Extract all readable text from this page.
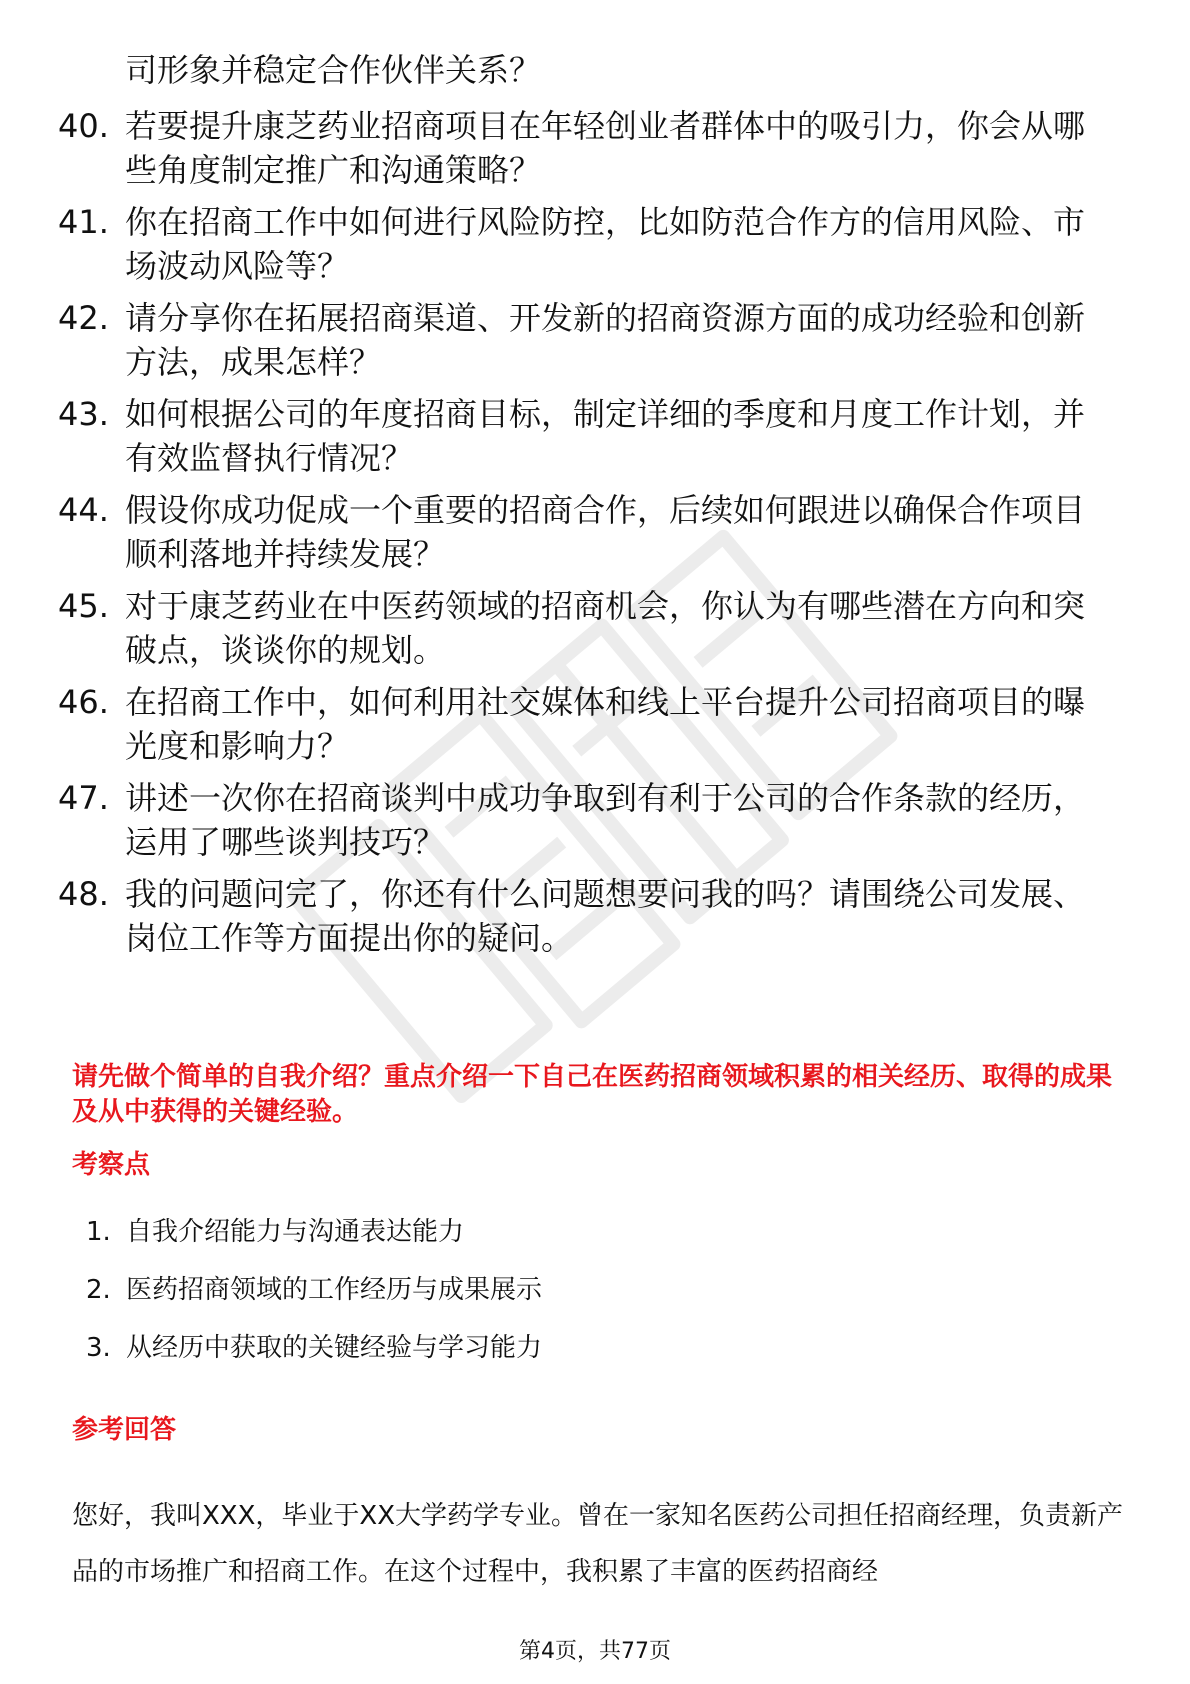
司形象并稳定合作伙伴关系？
40. 若要提升康芝药业招商项目在年轻创业者群体中的吸引力，你会从哪些角度制定推广和沟通策略？
41. 你在招商工作中如何进行风险防控，比如防范合作方的信用风险、市场波动风险等？
42. 请分享你在拓展招商渠道、开发新的招商资源方面的成功经验和创新方法，成果怎样？
43. 如何根据公司的年度招商目标，制定详细的季度和月度工作计划，并有效监督执行情况？
44. 假设你成功促成一个重要的招商合作，后续如何跟进以确保合作项目顺利落地并持续发展？
45. 对于康芝药业在中医药领域的招商机会，你认为有哪些潜在方向和突破点，谈谈你的规划。
46. 在招商工作中，如何利用社交媒体和线上平台提升公司招商项目的曝光度和影响力？
47. 讲述一次你在招商谈判中成功争取到有利于公司的合作条款的经历，运用了哪些谈判技巧？
48. 我的问题问完了，你还有什么问题想要问我的吗？请围绕公司发展、岗位工作等方面提出你的疑问。
请先做个简单的自我介绍？重点介绍一下自己在医药招商领域积累的相关经历、取得的成果及从中获得的关键经验。
考察点
1. 自我介绍能力与沟通表达能力
2. 医药招商领域的工作经历与成果展示
3. 从经历中获取的关键经验与学习能力
参考回答
您好，我叫XXX，毕业于XX大学药学专业。曾在一家知名医药公司担任招商经理，负责新产品的市场推广和招商工作。在这个过程中，我积累了丰富的医药招商经
第4页，共77页
